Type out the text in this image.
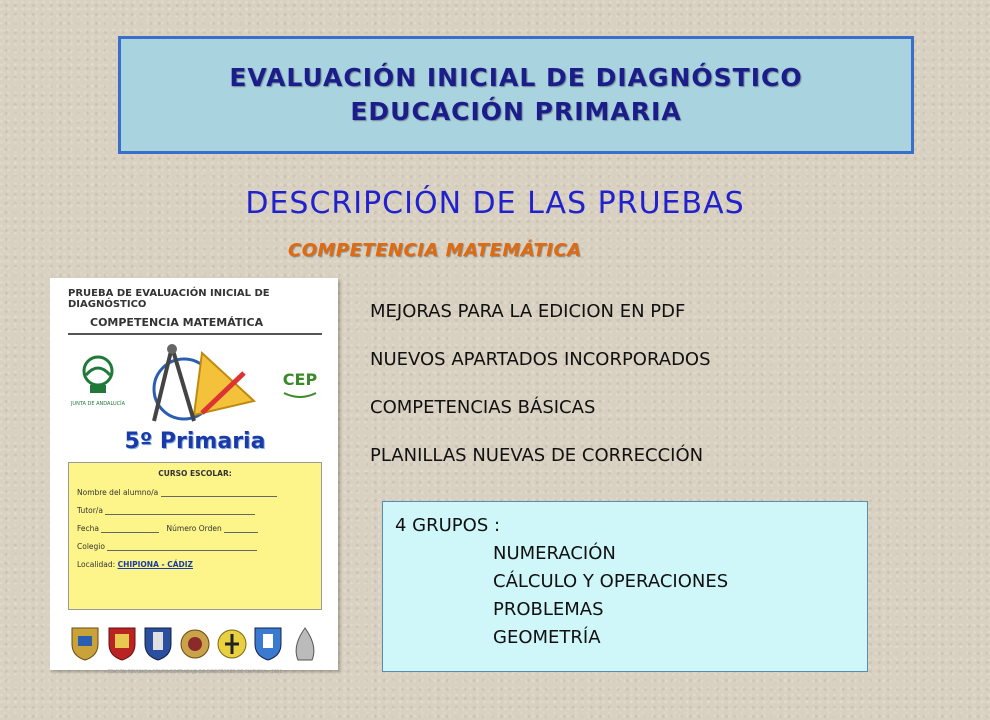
EVALUACIÓN INICIAL DE DIAGNÓSTICO
EDUCACIÓN PRIMARIA
DESCRIPCIÓN DE LAS PRUEBAS
COMPETENCIA MATEMÁTICA
PRUEBA DE EVALUACIÓN INICIAL DE DIAGNÓSTICO
COMPETENCIA MATEMÁTICA
JUNTA DE ANDALUCÍA
CEP
5º Primaria
CURSO ESCOLAR:
Nombre del alumno/a
Tutor/a
Fecha	Número Orden
Colegio
Localidad: CHIPIONA - CÁDIZ
EDICIÓN REVISADA GRUPO DE TRABAJO DE DIRECTORES DE CHIPIONA - 2010
MEJORAS PARA LA EDICION EN PDF
NUEVOS APARTADOS INCORPORADOS
COMPETENCIAS BÁSICAS
PLANILLAS NUEVAS DE CORRECCIÓN
4 GRUPOS :
NUMERACIÓN
CÁLCULO Y OPERACIONES
PROBLEMAS
GEOMETRÍA
